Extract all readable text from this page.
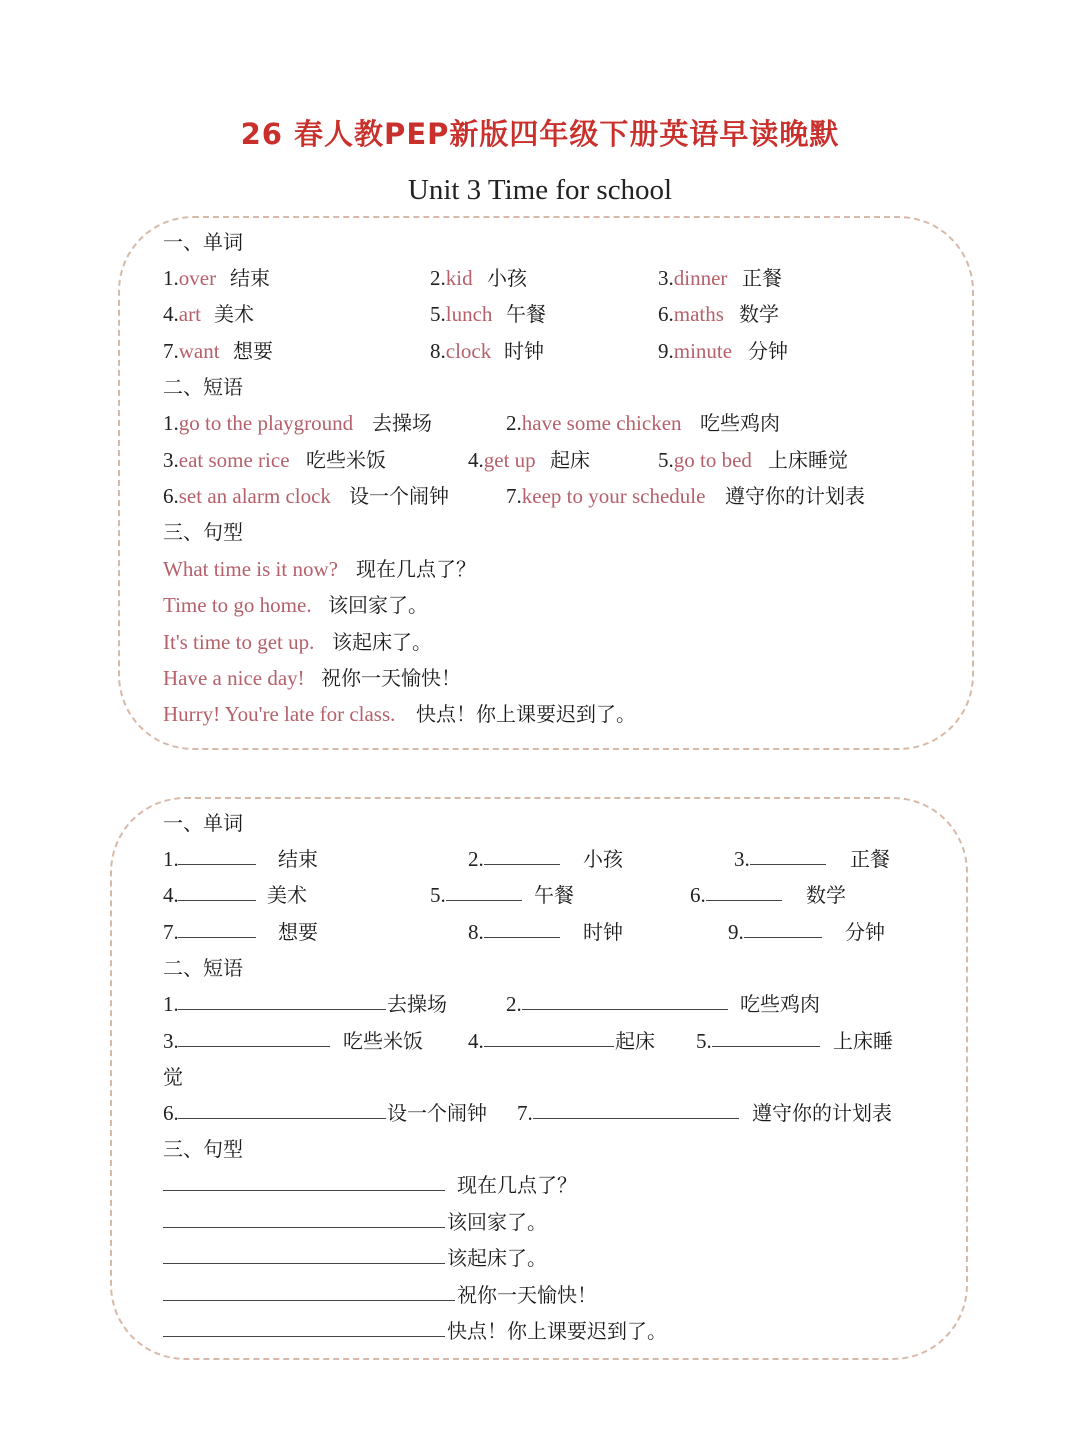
26 春人教PEP新版四年级下册英语早读晚默
Unit 3 Time for school
一、单词
1.over 结束	2.kid 小孩	3.dinner 正餐
4.art 美术	5.lunch 午餐	6.maths 数学
7.want 想要	8.clock 时钟	9.minute 分钟
二、短语
1.go to the playground 去操场	2.have some chicken 吃些鸡肉
3.eat some rice 吃些米饭	4.get up 起床	5.go to bed 上床睡觉
6.set an alarm clock 设一个闹钟	7.keep to your schedule 遵守你的计划表
三、句型
What time is it now? 现在几点了？
Time to go home. 该回家了。
It's time to get up. 该起床了。
Have a nice day! 祝你一天愉快！
Hurry! You're late for class. 快点！你上课要迟到了。
一、单词
1.	结束	2.	小孩	3.	正餐
4.	美术	5.	午餐	6.	数学
7.	想要	8.	时钟	9.	分钟
二、短语
1.	去操场	2.	吃些鸡肉
3.	吃些米饭 4.	起床 5.	上床睡
觉
6.	设一个闹钟 7.	遵守你的计划表
三、句型
现在几点了？
该回家了。
该起床了。
祝你一天愉快！
快点！你上课要迟到了。
